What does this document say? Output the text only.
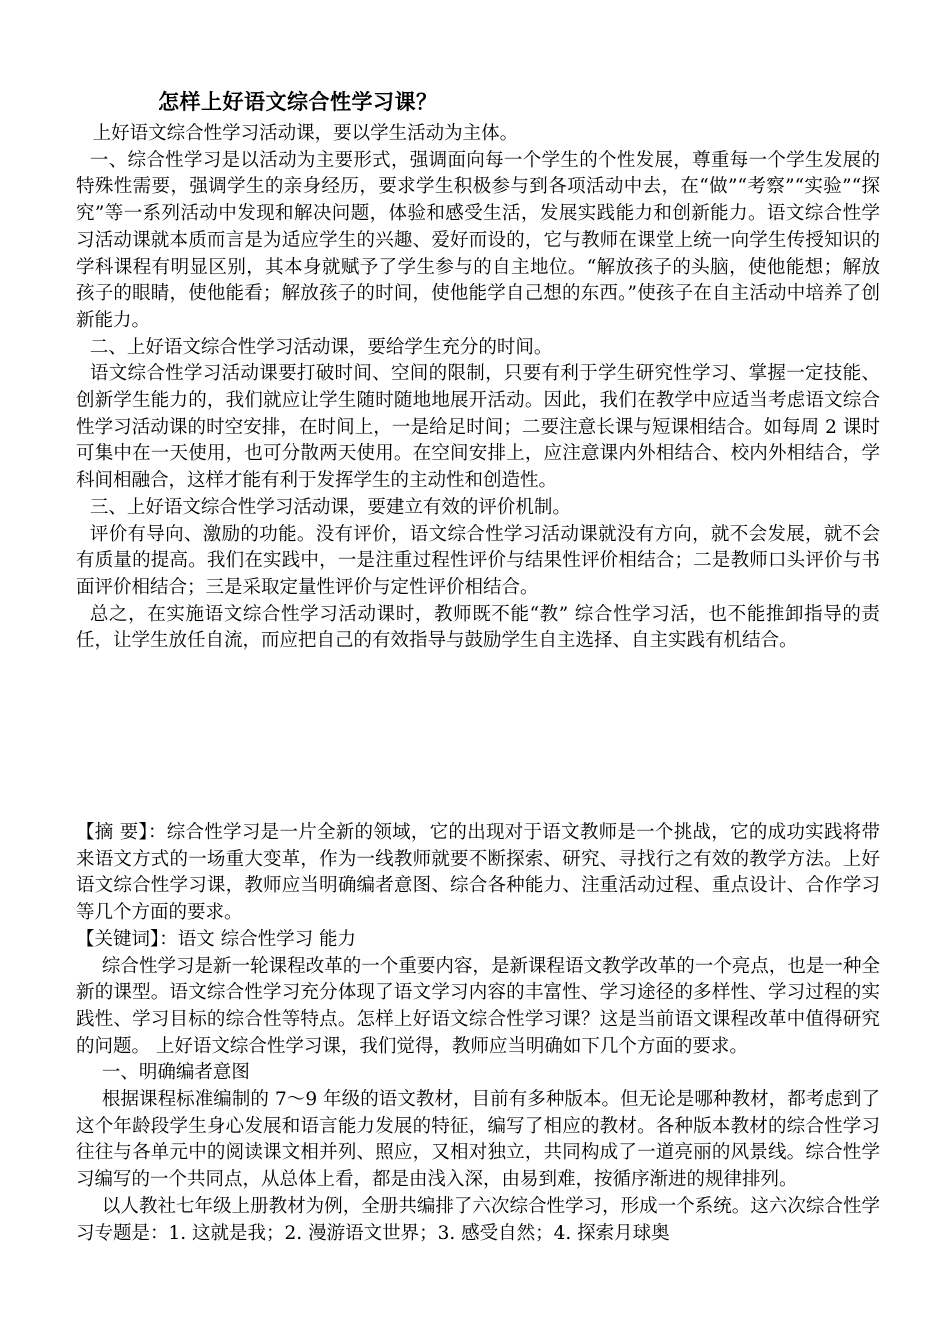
怎样上好语文综合性学习课？

上好语文综合性学习活动课，要以学生活动为主体。

一、综合性学习是以活动为主要形式，强调面向每一个学生的个性发展，尊重每一个学生发展的特殊性需要，强调学生的亲身经历，要求学生积极参与到各项活动中去，在“做”“考察”“实验”“探究”等一系列活动中发现和解决问题，体验和感受生活，发展实践能力和创新能力。语文综合性学习活动课就本质而言是为适应学生的兴趣、爱好而设的，它与教师在课堂上统一向学生传授知识的学科课程有明显区别，其本身就赋予了学生参与的自主地位。“解放孩子的头脑，使他能想；解放孩子的眼睛，使他能看；解放孩子的时间，使他能学自己想的东西。”使孩子在自主活动中培养了创新能力。

二、上好语文综合性学习活动课，要给学生充分的时间。

语文综合性学习活动课要打破时间、空间的限制，只要有利于学生研究性学习、掌握一定技能、创新学生能力的，我们就应让学生随时随地地展开活动。因此，我们在教学中应适当考虑语文综合性学习活动课的时空安排，在时间上，一是给足时间；二要注意长课与短课相结合。如每周 2 课时可集中在一天使用，也可分散两天使用。在空间安排上，应注意课内外相结合、校内外相结合，学科间相融合，这样才能有利于发挥学生的主动性和创造性。

三、上好语文综合性学习活动课，要建立有效的评价机制。

评价有导向、激励的功能。没有评价，语文综合性学习活动课就没有方向，就不会发展，就不会有质量的提高。我们在实践中，一是注重过程性评价与结果性评价相结合；二是教师口头评价与书面评价相结合；三是采取定量性评价与定性评价相结合。

总之，在实施语文综合性学习活动课时，教师既不能“教” 综合性学习活，也不能推卸指导的责任，让学生放任自流，而应把自己的有效指导与鼓励学生自主选择、自主实践有机结合。

【摘 要】：综合性学习是一片全新的领域，它的出现对于语文教师是一个挑战，它的成功实践将带来语文方式的一场重大变革，作为一线教师就要不断探索、研究、寻找行之有效的教学方法。上好语文综合性学习课，教师应当明确编者意图、综合各种能力、注重活动过程、重点设计、合作学习等几个方面的要求。

【关键词】：语文 综合性学习 能力

综合性学习是新一轮课程改革的一个重要内容，是新课程语文教学改革的一个亮点，也是一种全新的课型。语文综合性学习充分体现了语文学习内容的丰富性、学习途径的多样性、学习过程的实践性、学习目标的综合性等特点。怎样上好语文综合性学习课？这是当前语文课程改革中值得研究的问题。 上好语文综合性学习课，我们觉得，教师应当明确如下几个方面的要求。

一、明确编者意图

根据课程标准编制的 7～9 年级的语文教材，目前有多种版本。但无论是哪种教材，都考虑到了这个年龄段学生身心发展和语言能力发展的特征，编写了相应的教材。各种版本教材的综合性学习往往与各单元中的阅读课文相并列、照应，又相对独立，共同构成了一道亮丽的风景线。综合性学习编写的一个共同点，从总体上看，都是由浅入深，由易到难，按循序渐进的规律排列。

以人教社七年级上册教材为例，全册共编排了六次综合性学习，形成一个系统。这六次综合性学习专题是：1. 这就是我；2. 漫游语文世界；3. 感受自然；4. 探索月球奥
